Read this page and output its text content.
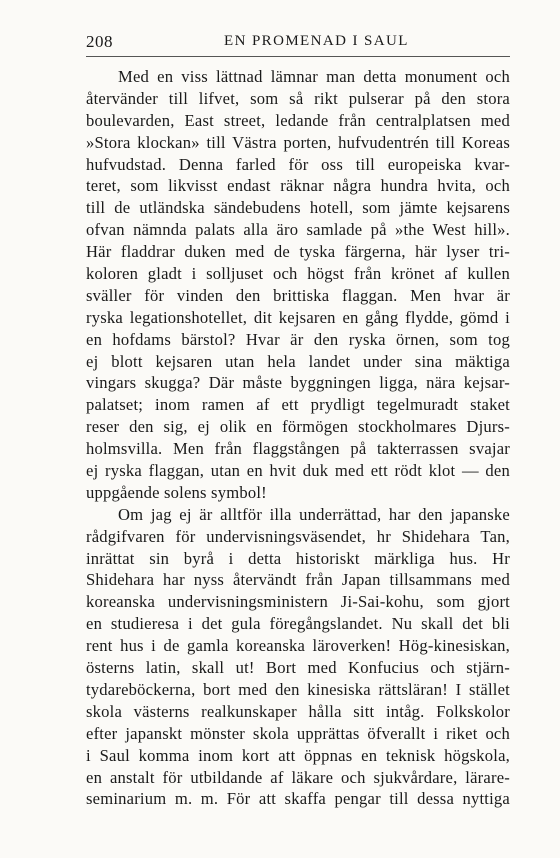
208	EN PROMENAD I SAUL
Med en viss lättnad lämnar man detta monument och
återvänder till lifvet, som så rikt pulserar på den stora
boulevarden, East street, ledande från centralplatsen med
»Stora klockan» till Västra porten, hufvudentrén till Koreas
hufvudstad. Denna farled för oss till europeiska kvar-
teret, som likvisst endast räknar några hundra hvita, och
till de utländska sändebudens hotell, som jämte kejsarens
ofvan nämnda palats alla äro samlade på »the West hill».
Här fladdrar duken med de tyska färgerna, här lyser tri-
koloren gladt i solljuset och högst från krönet af kullen
sväller för vinden den brittiska flaggan. Men hvar är
ryska legationshotellet, dit kejsaren en gång flydde, gömd i
en hofdams bärstol? Hvar är den ryska örnen, som tog
ej blott kejsaren utan hela landet under sina mäktiga
vingars skugga? Där måste byggningen ligga, nära kejsar-
palatset; inom ramen af ett prydligt tegelmuradt staket
reser den sig, ej olik en förmögen stockholmares Djurs-
holmsvilla. Men från flaggstången på takterrassen svajar
ej ryska flaggan, utan en hvit duk med ett rödt klot — den
uppgående solens symbol!
Om jag ej är alltför illa underrättad, har den japanske
rådgifvaren för undervisningsväsendet, hr Shidehara Tan,
inrättat sin byrå i detta historiskt märkliga hus. Hr
Shidehara har nyss återvändt från Japan tillsammans med
koreanska undervisningsministern Ji-Sai-kohu, som gjort
en studieresa i det gula föregångslandet. Nu skall det bli
rent hus i de gamla koreanska läroverken! Hög-kinesiskan,
österns latin, skall ut! Bort med Konfucius och stjärn-
tydareböckerna, bort med den kinesiska rättsläran! I stället
skola västerns realkunskaper hålla sitt intåg. Folkskolor
efter japanskt mönster skola upprättas öfverallt i riket och
i Saul komma inom kort att öppnas en teknisk högskola,
en anstalt för utbildande af läkare och sjukvårdare, lärare-
seminarium m. m. För att skaffa pengar till dessa nyttiga
